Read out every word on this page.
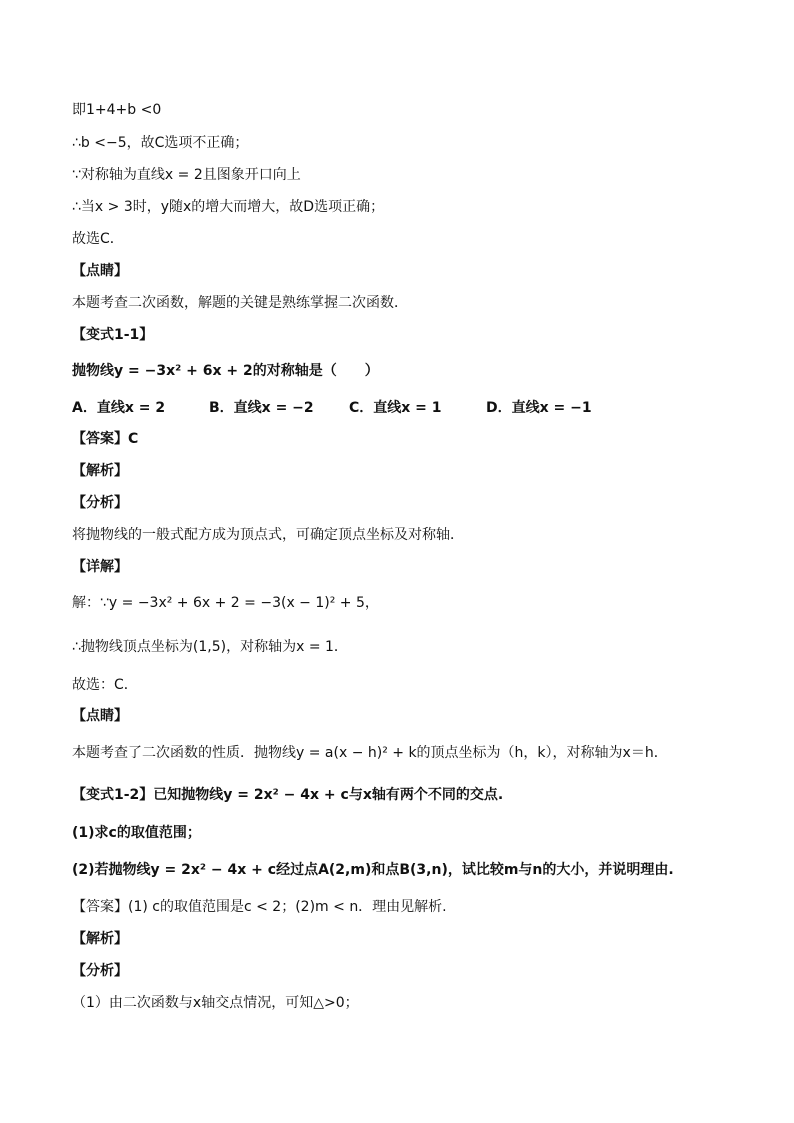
即1+4+b <0
∴b <−5，故C选项不正确；
∵对称轴为直线x = 2且图象开口向上
∴当x > 3时，y随x的增大而增大，故D选项正确；
故选C．
【点睛】
本题考查二次函数，解题的关键是熟练掌握二次函数．
【变式1-1】
抛物线y = −3x² + 6x + 2的对称轴是（　　）
A．直线x = 2	B．直线x = −2	C．直线x = 1	D．直线x = −1
【答案】C
【解析】
【分析】
将抛物线的一般式配方成为顶点式，可确定顶点坐标及对称轴．
【详解】
解：∵y = −3x² + 6x + 2 = −3(x − 1)² + 5，
∴抛物线顶点坐标为(1,5)，对称轴为x = 1．
故选：C．
【点睛】
本题考查了二次函数的性质．抛物线y = a(x − h)² + k的顶点坐标为（h，k），对称轴为x＝h．
【变式1-2】已知抛物线y = 2x² − 4x + c与x轴有两个不同的交点.
(1)求c的取值范围；
(2)若抛物线y = 2x² − 4x + c经过点A(2,m)和点B(3,n)，试比较m与n的大小，并说明理由.
【答案】(1) c的取值范围是c < 2；(2)m < n．理由见解析.
【解析】
【分析】
（1）由二次函数与x轴交点情况，可知△>0；
